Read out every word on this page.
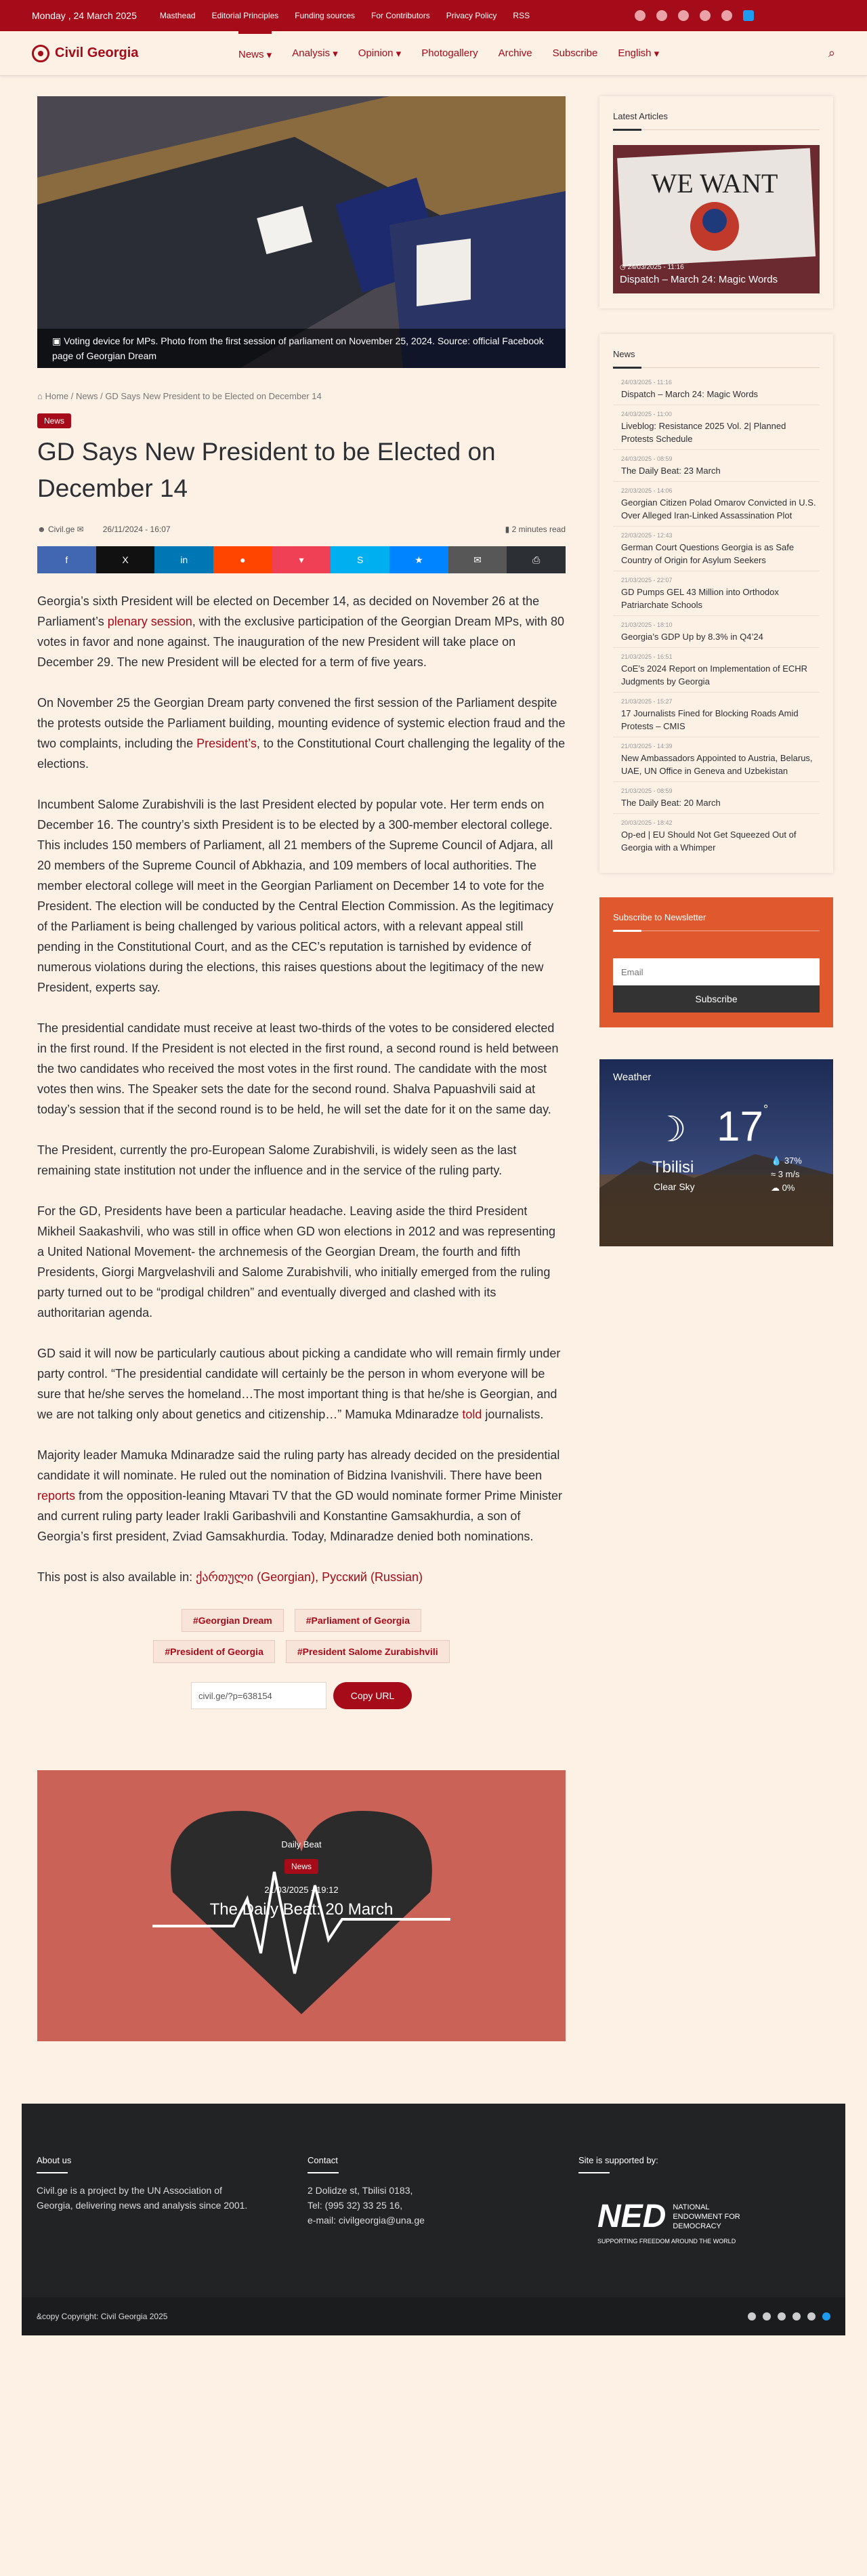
Monday , 24 March 2025	Masthead Editorial Principles Funding sources For Contributors Privacy Policy RSS
Civil Georgia	News ▾ Analysis ▾ Opinion ▾ Photogallery Archive Subscribe English ▾	⌕
▣ Voting device for MPs. Photo from the first session of parliament on November 25, 2024. Source: official Facebook page of Georgian Dream
⌂ Home / News / GD Says New President to be Elected on December 14
News
GD Says New President to be Elected on December 14
☻ Civil.ge ✉ 26/11/2024 - 16:07	▮ 2 minutes read
f	X	in	●	▾	S	★	✉	⎙

Georgia’s sixth President will be elected on December 14, as decided on November 26 at the Parliament’s plenary session, with the exclusive participation of the Georgian Dream MPs, with 80 votes in favor and none against. The inauguration of the new President will take place on December 29. The new President will be elected for a term of five years.

On November 25 the Georgian Dream party convened the first session of the Parliament despite the protests outside the Parliament building, mounting evidence of systemic election fraud and the two complaints, including the President’s, to the Constitutional Court challenging the legality of the elections.

Incumbent Salome Zurabishvili is the last President elected by popular vote. Her term ends on December 16. The country’s sixth President is to be elected by a 300-member electoral college. This includes 150 members of Parliament, all 21 members of the Supreme Council of Adjara, all 20 members of the Supreme Council of Abkhazia, and 109 members of local authorities. The member electoral college will meet in the Georgian Parliament on December 14 to vote for the President. The election will be conducted by the Central Election Commission. As the legitimacy of the Parliament is being challenged by various political actors, with a relevant appeal still pending in the Constitutional Court, and as the CEC’s reputation is tarnished by evidence of numerous violations during the elections, this raises questions about the legitimacy of the new President, experts say.

The presidential candidate must receive at least two-thirds of the votes to be considered elected in the first round. If the President is not elected in the first round, a second round is held between the two candidates who received the most votes in the first round. The candidate with the most votes then wins. The Speaker sets the date for the second round. Shalva Papuashvili said at today’s session that if the second round is to be held, he will set the date for it on the same day.

The President, currently the pro-European Salome Zurabishvili, is widely seen as the last remaining state institution not under the influence and in the service of the ruling party.

For the GD, Presidents have been a particular headache. Leaving aside the third President Mikheil Saakashvili, who was still in office when GD won elections in 2012 and was representing a United National Movement- the archnemesis of the Georgian Dream, the fourth and fifth Presidents, Giorgi Margvelashvili and Salome Zurabishvili, who initially emerged from the ruling party turned out to be “prodigal children” and eventually diverged and clashed with its authoritarian agenda.

GD said it will now be particularly cautious about picking a candidate who will remain firmly under party control. “The presidential candidate will certainly be the person in whom everyone will be sure that he/she serves the homeland…The most important thing is that he/she is Georgian, and we are not talking only about genetics and citizenship…” Mamuka Mdinaradze told journalists.

Majority leader Mamuka Mdinaradze said the ruling party has already decided on the presidential candidate it will nominate. He ruled out the nomination of Bidzina Ivanishvili. There have been reports from the opposition-leaning Mtavari TV that the GD would nominate former Prime Minister and current ruling party leader Irakli Garibashvili and Konstantine Gamsakhurdia, a son of Georgia’s first president, Zviad Gamsakhurdia. Today, Mdinaradze denied both nominations.

This post is also available in: ქართული (Georgian), Русский (Russian)

#Georgian Dream	#Parliament of Georgia
#President of Georgia	#President Salome Zurabishvili
civil.ge/?p=638154	Copy URL
Daily Beat
News
21/03/2025 - 19:12
The Daily Beat: 20 March
Latest Articles
WE WANT
◷ 24/03/2025 - 11:16
Dispatch – March 24: Magic Words
News
24/03/2025 - 11:16
Dispatch – March 24: Magic Words
24/03/2025 - 11:00
Liveblog: Resistance 2025 Vol. 2| Planned Protests Schedule
24/03/2025 - 08:59
The Daily Beat: 23 March
22/03/2025 - 14:06
Georgian Citizen Polad Omarov Convicted in U.S. Over Alleged Iran-Linked Assassination Plot
22/03/2025 - 12:43
German Court Questions Georgia is as Safe Country of Origin for Asylum Seekers
21/03/2025 - 22:07
GD Pumps GEL 43 Million into Orthodox Patriarchate Schools
21/03/2025 - 18:10
Georgia’s GDP Up by 8.3% in Q4’24
21/03/2025 - 16:51
CoE’s 2024 Report on Implementation of ECHR Judgments by Georgia
21/03/2025 - 15:27
17 Journalists Fined for Blocking Roads Amid Protests – CMIS
21/03/2025 - 14:39
New Ambassadors Appointed to Austria, Belarus, UAE, UN Office in Geneva and Uzbekistan
21/03/2025 - 08:59
The Daily Beat: 20 March
20/03/2025 - 18:42
Op-ed | EU Should Not Get Squeezed Out of Georgia with a Whimper
Subscribe to Newsletter
Email
Subscribe
Weather
☽ 17°
Tbilisi
Clear Sky
💧 37%
≈ 3 m/s
☁ 0%
About us
Civil.ge is a project by the UN Association of Georgia, delivering news and analysis since 2001.
Contact
2 Dolidze st, Tbilisi 0183,
Tel: (995 32) 33 25 16,
e-mail: civilgeorgia@una.ge
Site is supported by:
NED NATIONAL ENDOWMENT FOR DEMOCRACY
SUPPORTING FREEDOM AROUND THE WORLD
&copy Copyright: Civil Georgia 2025
